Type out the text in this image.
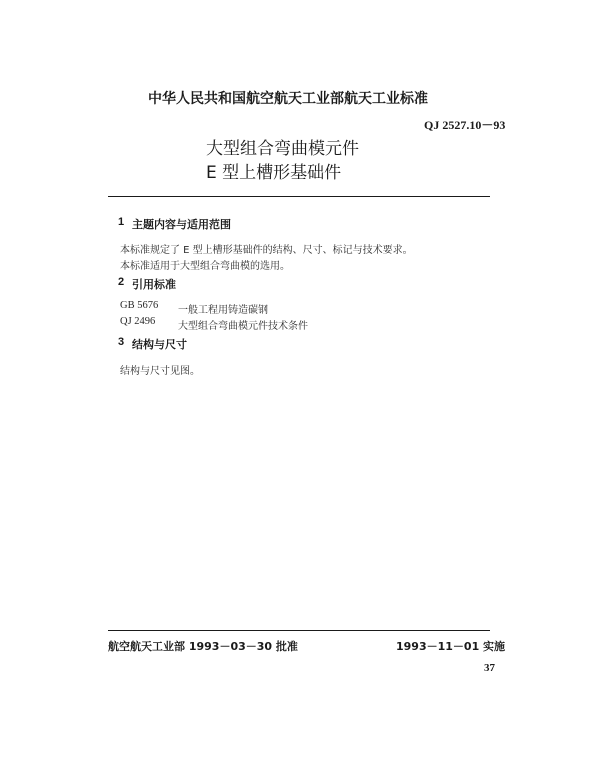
中华人民共和国航空航天工业部航天工业标准
QJ 2527.10－93
大型组合弯曲模元件
E 型上槽形基础件
1 主题内容与适用范围
本标准规定了 E 型上槽形基础件的结构、尺寸、标记与技术要求。
本标准适用于大型组合弯曲模的选用。
2 引用标准
GB 5676 一般工程用铸造碳钢
QJ 2496 大型组合弯曲模元件技术条件
3 结构与尺寸
结构与尺寸见图。
航空航天工业部 1993－03－30 批准	1993－11－01 实施
37
